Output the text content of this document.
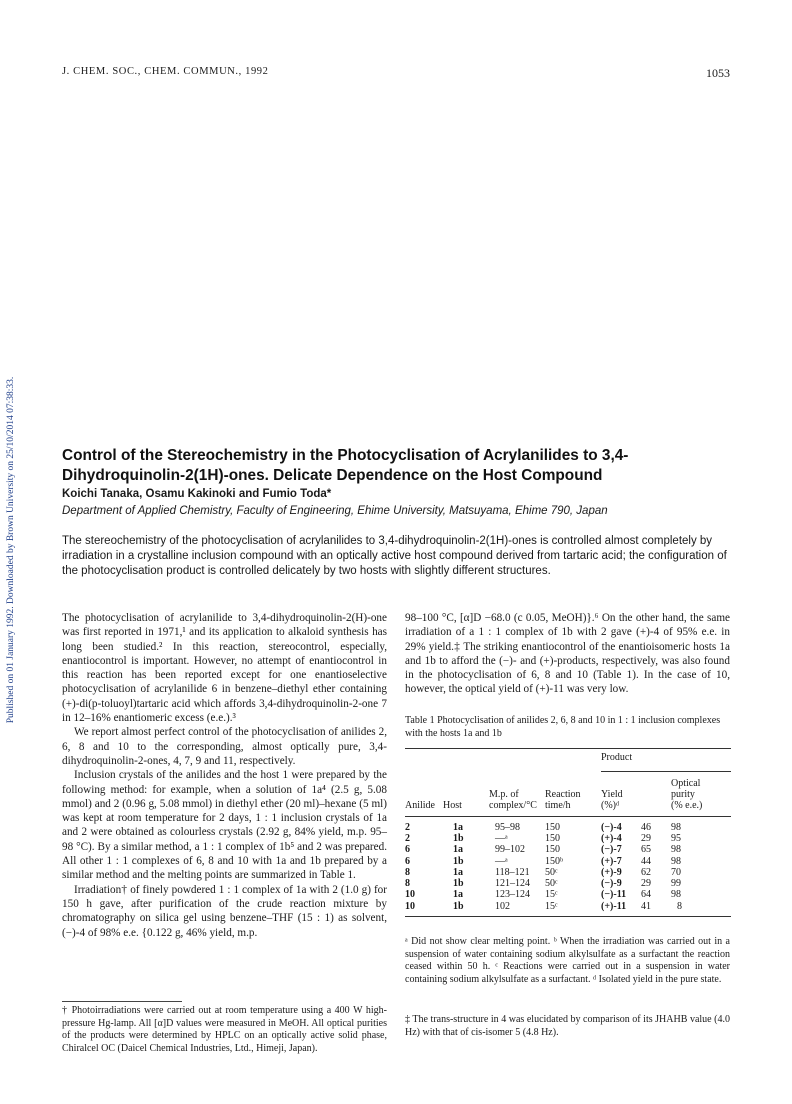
J. CHEM. SOC., CHEM. COMMUN., 1992	1053
Published on 01 January 1992. Downloaded by Brown University on 25/10/2014 07:38:33.	Control of the Stereochemistry in the Photocyclisation of Acrylanilides to 3,4-Dihydroquinolin-2(1H)-ones. Delicate Dependence on the Host Compound
Koichi Tanaka, Osamu Kakinoki and Fumio Toda*
Department of Applied Chemistry, Faculty of Engineering, Ehime University, Matsuyama, Ehime 790, Japan
The stereochemistry of the photocyclisation of acrylanilides to 3,4-dihydroquinolin-2(1H)-ones is controlled almost completely by irradiation in a crystalline inclusion compound with an optically active host compound derived from tartaric acid; the configuration of the photocyclisation product is controlled delicately by two hosts with slightly different structures.

The photocyclisation of acrylanilide to 3,4-dihydroquinolin-2(H)-one was first reported in 1971,¹ and its application to alkaloid synthesis has long been studied.² In this reaction, stereocontrol, especially, enantiocontrol is important. However, no attempt of enantiocontrol in this reaction has been reported except for one enantioselective photocyclisation of acrylanilide 6 in benzene–diethyl ether containing (+)-di(p-toluoyl)tartaric acid which affords 3,4-dihydroquinolin-2-one 7 in 12–16% enantiomeric excess (e.e.).³

We report almost perfect control of the photocyclisation of anilides 2, 6, 8 and 10 to the corresponding, almost optically pure, 3,4-dihydroquinolin-2-ones, 4, 7, 9 and 11, respectively.

Inclusion crystals of the anilides and the host 1 were prepared by the following method: for example, when a solution of 1a⁴ (2.5 g, 5.08 mmol) and 2 (0.96 g, 5.08 mmol) in diethyl ether (20 ml)–hexane (5 ml) was kept at room temperature for 2 days, 1 : 1 inclusion crystals of 1a and 2 were obtained as colourless crystals (2.92 g, 84% yield, m.p. 95–98 °C). By a similar method, a 1 : 1 complex of 1b⁵ and 2 was prepared. All other 1 : 1 complexes of 6, 8 and 10 with 1a and 1b prepared by a similar method and the melting points are summarized in Table 1.

Irradiation† of finely powdered 1 : 1 complex of 1a with 2 (1.0 g) for 150 h gave, after purification of the crude reaction mixture by chromatography on silica gel using benzene–THF (15 : 1) as solvent, (−)-4 of 98% e.e. {0.122 g, 46% yield, m.p.

† Photoirradiations were carried out at room temperature using a 400 W high-pressure Hg-lamp. All [α]D values were measured in MeOH. All optical purities of the products were determined by HPLC on an optically active solid phase, Chiralcel OC (Daicel Chemical Industries, Ltd., Himeji, Japan).

98–100 °C, [α]D −68.0 (c 0.05, MeOH)}.⁶ On the other hand, the same irradiation of a 1 : 1 complex of 1b with 2 gave (+)-4 of 95% e.e. in 29% yield.‡ The striking enantiocontrol of the enantioisomeric hosts 1a and 1b to afford the (−)- and (+)-products, respectively, was also found in the photocyclisation of 6, 8 and 10 (Table 1). In the case of 10, however, the optical yield of (+)-11 was very low.

Table 1 Photocyclisation of anilides 2, 6, 8 and 10 in 1 : 1 inclusion complexes with the hosts 1a and 1b
				Product		

						Optical
		M.p. of	Reaction	Yield		purity
Anilide	Host	complex/°C	time/h	(%)ᵈ		(% e.e.)
2	1a	95–98	150	(−)-4	46	98
2	1b	—ᵃ	150	(+)-4	29	95
6	1a	99–102	150	(−)-7	65	98
6	1b	—ᵃ	150ᵇ	(+)-7	44	98
8	1a	118–121	50ᶜ	(+)-9	62	70
8	1b	121–124	50ᶜ	(−)-9	29	99
10	1a	123–124	15ᶜ	(−)-11	64	98
10	1b	102	15ᶜ	(+)-11	41	8
ᵃ Did not show clear melting point. ᵇ When the irradiation was carried out in a suspension of water containing sodium alkylsulfate as a surfactant the reaction ceased within 50 h. ᶜ Reactions were carried out in a suspension in water containing sodium alkylsulfate as a surfactant. ᵈ Isolated yield in the pure state.
‡ The trans-structure in 4 was elucidated by comparison of its JHAHB value (4.0 Hz) with that of cis-isomer 5 (4.8 Hz).
